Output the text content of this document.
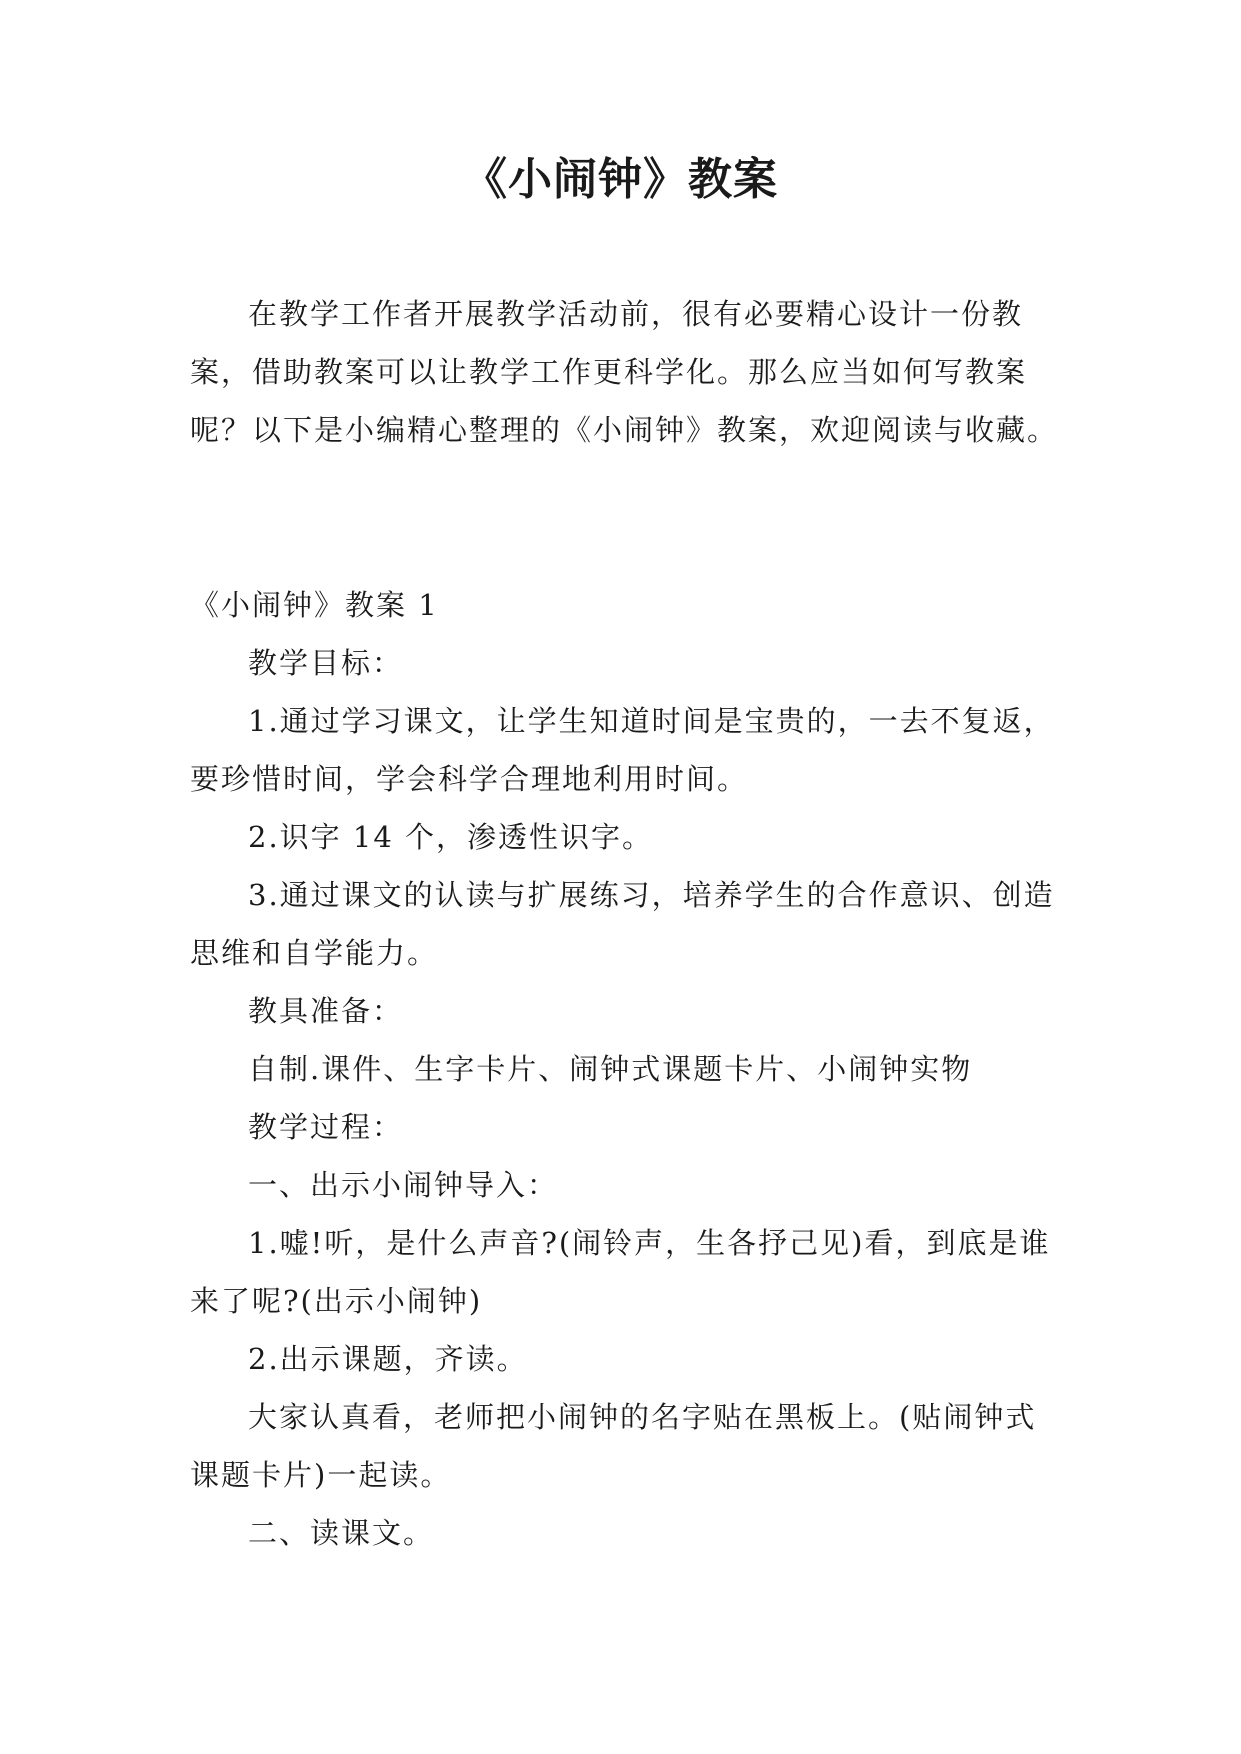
《小闹钟》教案

在教学工作者开展教学活动前，很有必要精心设计一份教案，借助教案可以让教学工作更科学化。那么应当如何写教案呢？以下是小编精心整理的《小闹钟》教案，欢迎阅读与收藏。

《小闹钟》教案 1

教学目标：

1.通过学习课文，让学生知道时间是宝贵的，一去不复返，要珍惜时间，学会科学合理地利用时间。

2.识字 14 个，渗透性识字。

3.通过课文的认读与扩展练习，培养学生的合作意识、创造思维和自学能力。

教具准备：

自制.课件、生字卡片、闹钟式课题卡片、小闹钟实物

教学过程：

一、出示小闹钟导入：

1.嘘!听，是什么声音?(闹铃声，生各抒己见)看，到底是谁来了呢?(出示小闹钟)

2.出示课题，齐读。

大家认真看，老师把小闹钟的名字贴在黑板上。(贴闹钟式课题卡片)一起读。

二、读课文。
